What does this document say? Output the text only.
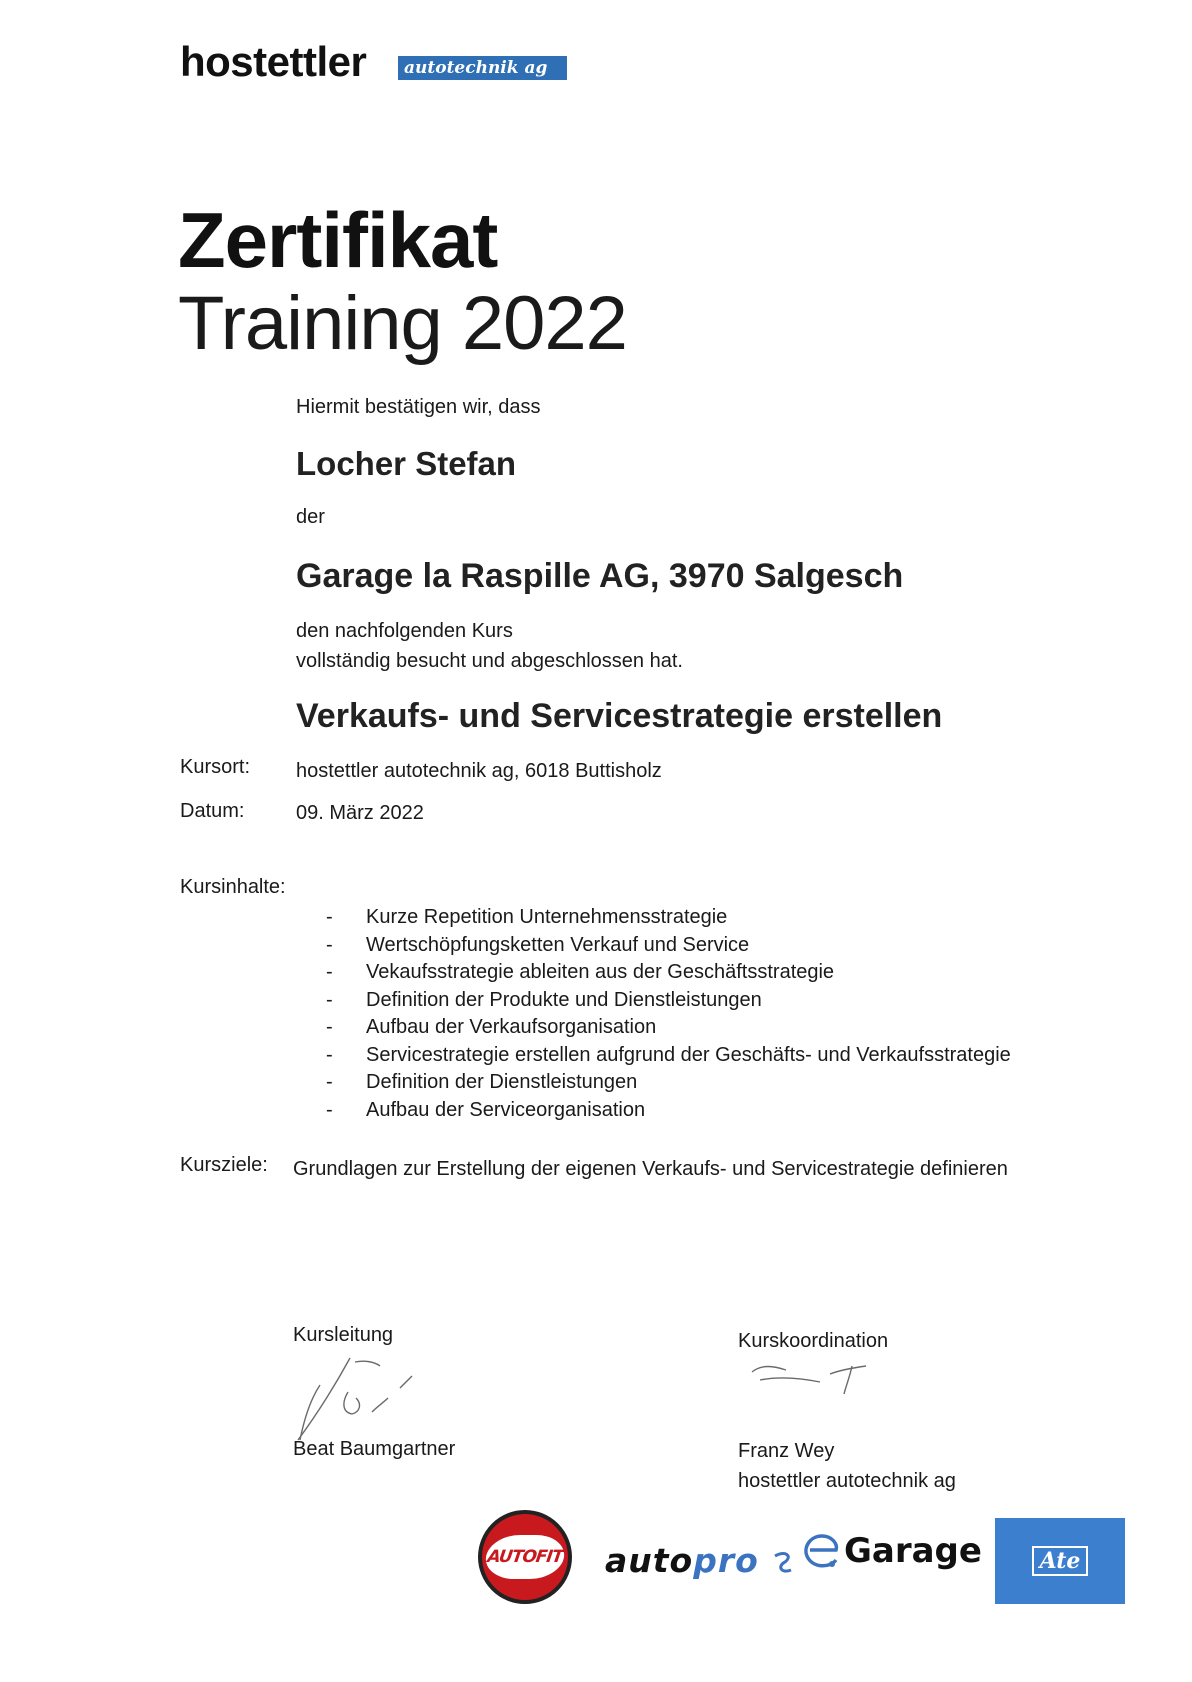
hostettler	autotechnik ag
Zertifikat
Training 2022
Hiermit bestätigen wir, dass
Locher Stefan
der
Garage la Raspille AG, 3970 Salgesch
den nachfolgenden Kurs
vollständig besucht und abgeschlossen hat.
Verkaufs- und Servicestrategie erstellen
Kursort: hostettler autotechnik ag, 6018 Buttisholz
Datum:	09. März 2022
Kursinhalte:
- Kurze Repetition Unternehmensstrategie
- Wertschöpfungsketten Verkauf und Service
- Vekaufsstrategie ableiten aus der Geschäftsstrategie
- Definition der Produkte und Dienstleistungen
- Aufbau der Verkaufsorganisation
- Servicestrategie erstellen aufgrund der Geschäfts- und Verkaufsstrategie
- Definition der Dienstleistungen
- Aufbau der Serviceorganisation
Kursziele: Grundlagen zur Erstellung der eigenen Verkaufs- und Servicestrategie definieren
Kursleitung
Beat Baumgartner
Kurskoordination
Franz Wey
hostettler autotechnik ag
AUTOFIT autopro	Garage	Ate
